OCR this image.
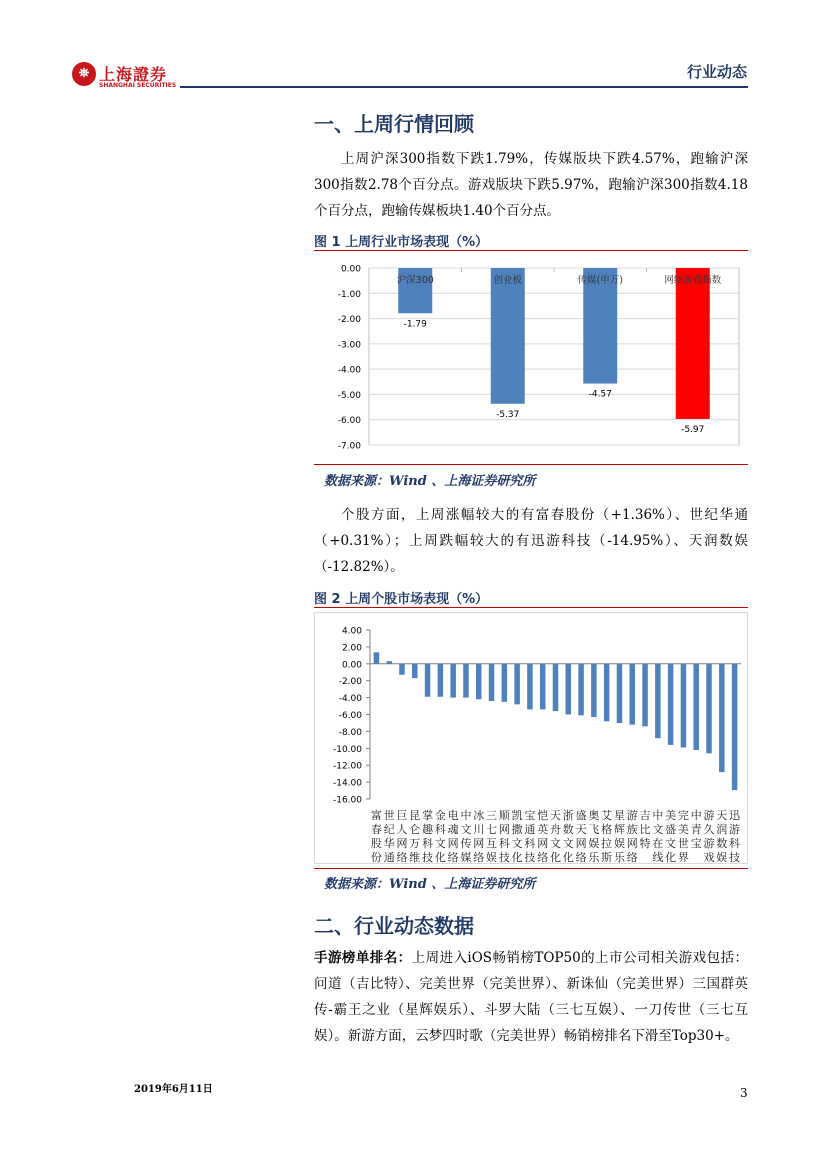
⛯ 上海證券
SHANGHAI SECURITIES
行业动态
一、上周行情回顾

上周沪深300指数下跌1.79%，传媒版块下跌4.57%，跑输沪深300指数2.78个百分点。游戏版块下跌5.97%，跑输沪深300指数4.18个百分点，跑输传媒板块1.40个百分点。

图 1 上周行业市场表现（%）
0.00
-1.00
-2.00
-3.00
-4.00
-5.00
-6.00
-7.00
沪深300
-1.79
创业板
-5.37
传媒(申万)
-4.57
网络游戏指数
-5.97
数据来源：Wind 、上海证券研究所

个股方面，上周涨幅较大的有富春股份（+1.36%）、世纪华通（+0.31%）；上周跌幅较大的有迅游科技（-14.95%）、天润数娱（-12.82%）。

图 2 上周个股市场表现（%）
4.00
2.00
0.00
-2.00
-4.00
-6.00
-8.00
-10.00
-12.00
-14.00
-16.00
富
春
股
份
世
纪
华
通
巨
人
网
络
昆
仑
万
维
掌
趣
科
技
金
科
文
化
电
魂
网
络
中
文
传
媒
冰
川
网
络
三
七
互
娱
顺
网
科
技
凯
撒
文
化
宝
通
科
技
恺
英
网
络
天
舟
文
化
浙
数
文
化
盛
天
网
络
奥
飞
娱
乐
艾
格
拉
斯
星
辉
娱
乐
游
族
网
络
吉
比
特
中
文
在
线
美
盛
文
化
完
美
世
界
中
青
宝
游
久
游
戏
天
润
数
娱
迅
游
科
技
数据来源：Wind 、上海证券研究所
二、行业动态数据

手游榜单排名：上周进入iOS畅销榜TOP50的上市公司相关游戏包括：问道（吉比特）、完美世界（完美世界）、新诛仙（完美世界）三国群英传-霸王之业（星辉娱乐）、斗罗大陆（三七互娱）、一刀传世（三七互娱）。新游方面，云梦四时歌（完美世界）畅销榜排名下滑至Top30+。

2019年6月11日	3
